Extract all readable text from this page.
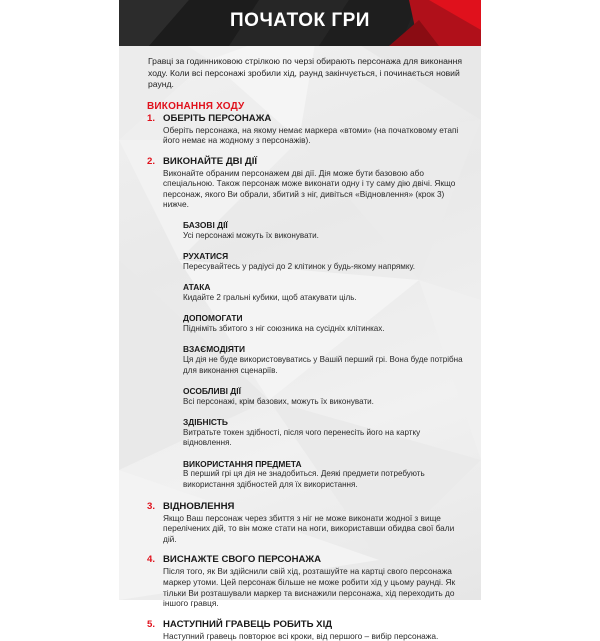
ПОЧАТОК ГРИ

Гравці за годинниковою стрілкою по черзі обирають персонажа для виконання ходу. Коли всі персонажі зробили хід, раунд закінчується, і починається новий раунд.

ВИКОНАННЯ ХОДУ
1. ОБЕРІТЬ ПЕРСОНАЖА
Оберіть персонажа, на якому немає маркера «втоми» (на початковому етапі його немає на жодному з персонажів).
2. ВИКОНАЙТЕ ДВІ ДІЇ
Виконайте обраним персонажем дві дії. Дія може бути базовою або спеціальною. Також персонаж може виконати одну і ту саму дію двічі. Якщо персонаж, якого Ви обрали, збитий з ніг, дивіться «Відновлення» (крок 3) нижче.
БАЗОВІ ДІЇ
Усі персонажі можуть їх виконувати.
РУХАТИСЯ
Пересувайтесь у радіусі до 2 клітинок у будь-якому напрямку.
АТАКА
Кидайте 2 гральні кубики, щоб атакувати ціль.
ДОПОМОГАТИ
Підніміть збитого з ніг союзника на сусідніх клітинках.
ВЗАЄМОДІЯТИ
Ця дія не буде використовуватись у Вашій перший грі. Вона буде потрібна для виконання сценаріїв.
ОСОБЛИВІ ДІЇ
Всі персонажі, крім базових, можуть їх виконувати.
ЗДІБНІСТЬ
Витратьте токен здібності, після чого перенесіть його на картку відновлення.
ВИКОРИСТАННЯ ПРЕДМЕТА
В перший грі ця дія не знадобиться. Деякі предмети потребують використання здібностей для їх використання.
3. ВІДНОВЛЕННЯ
Якщо Ваш персонаж через збиття з ніг не може виконати жодної з вище перелічених дій, то він може стати на ноги, використавши обидва свої бали дій.
4. ВИСНАЖТЕ СВОГО ПЕРСОНАЖА
Після того, як Ви здійснили свій хід, розташуйте на картці свого персонажа маркер утоми. Цей персонаж більше не може робити хід у цьому раунді. Як тільки Ви розташували маркер та виснажили персонажа, хід переходить до іншого гравця.
5. НАСТУПНИЙ ГРАВЕЦЬ РОБИТЬ ХІД
Наступний гравець повторює всі кроки, від першого – вибір персонажа.
